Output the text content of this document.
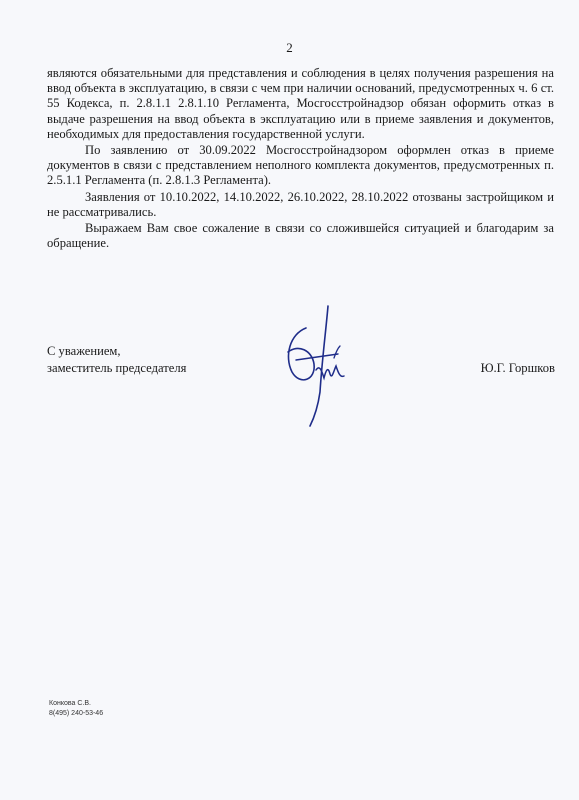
2

являются обязательными для представления и соблюдения в целях получения разрешения на ввод объекта в эксплуатацию, в связи с чем при наличии оснований, предусмотренных ч. 6 ст. 55 Кодекса, п. 2.8.1.1 2.8.1.10 Регламента, Мосгосстройнадзор обязан оформить отказ в выдаче разрешения на ввод объекта в эксплуатацию или в приеме заявления и документов, необходимых для предоставления государственной услуги.

По заявлению от 30.09.2022 Мосгосстройнадзором оформлен отказ в приеме документов в связи с представлением неполного комплекта документов, предусмотренных п. 2.5.1.1 Регламента (п. 2.8.1.3 Регламента).

Заявления от 10.10.2022, 14.10.2022, 26.10.2022, 28.10.2022 отозваны застройщиком и не рассматривались.

Выражаем Вам свое сожаление в связи со сложившейся ситуацией и благодарим за обращение.

С уважением,
заместитель председателя	Ю.Г. Горшков
Конкова С.В.
8(495) 240-53-46
